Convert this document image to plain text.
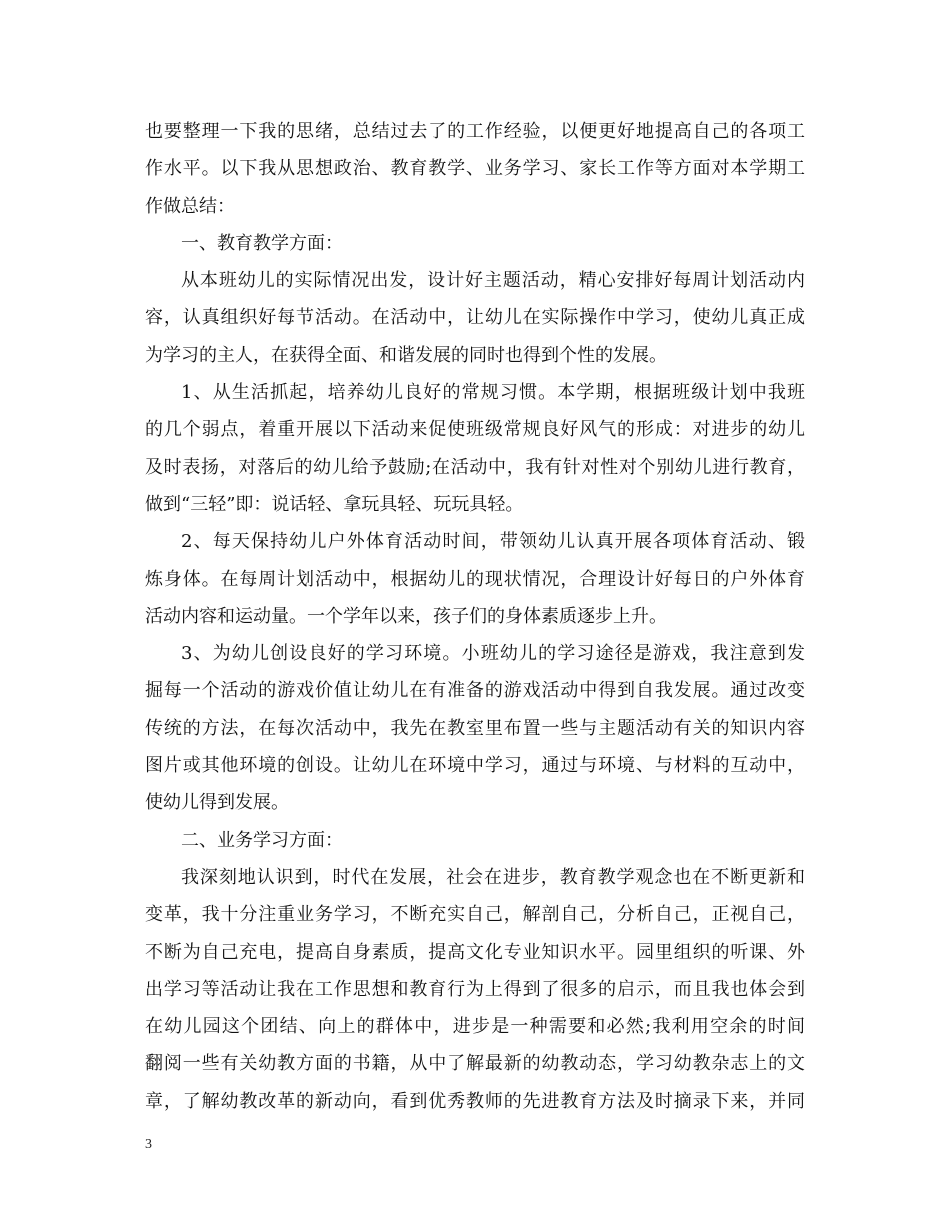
也要整理一下我的思绪，总结过去了的工作经验，以便更好地提高自己的各项工
作水平。以下我从思想政治、教育教学、业务学习、家长工作等方面对本学期工
作做总结：
一、教育教学方面：
从本班幼儿的实际情况出发，设计好主题活动，精心安排好每周计划活动内
容，认真组织好每节活动。在活动中，让幼儿在实际操作中学习，使幼儿真正成
为学习的主人，在获得全面、和谐发展的同时也得到个性的发展。
1、从生活抓起，培养幼儿良好的常规习惯。本学期，根据班级计划中我班
的几个弱点，着重开展以下活动来促使班级常规良好风气的形成：对进步的幼儿
及时表扬，对落后的幼儿给予鼓励;在活动中，我有针对性对个别幼儿进行教育，
做到“三轻”即：说话轻、拿玩具轻、玩玩具轻。
2、每天保持幼儿户外体育活动时间，带领幼儿认真开展各项体育活动、锻
炼身体。在每周计划活动中，根据幼儿的现状情况，合理设计好每日的户外体育
活动内容和运动量。一个学年以来，孩子们的身体素质逐步上升。
3、为幼儿创设良好的学习环境。小班幼儿的学习途径是游戏，我注意到发
掘每一个活动的游戏价值让幼儿在有准备的游戏活动中得到自我发展。通过改变
传统的方法，在每次活动中，我先在教室里布置一些与主题活动有关的知识内容
图片或其他环境的创设。让幼儿在环境中学习，通过与环境、与材料的互动中，
使幼儿得到发展。
二、业务学习方面：
我深刻地认识到，时代在发展，社会在进步，教育教学观念也在不断更新和
变革，我十分注重业务学习，不断充实自己，解剖自己，分析自己，正视自己，
不断为自己充电，提高自身素质，提高文化专业知识水平。园里组织的听课、外
出学习等活动让我在工作思想和教育行为上得到了很多的启示，而且我也体会到
在幼儿园这个团结、向上的群体中，进步是一种需要和必然;我利用空余的时间
翻阅一些有关幼教方面的书籍，从中了解最新的幼教动态，学习幼教杂志上的文
章，了解幼教改革的新动向，看到优秀教师的先进教育方法及时摘录下来，并同
3
